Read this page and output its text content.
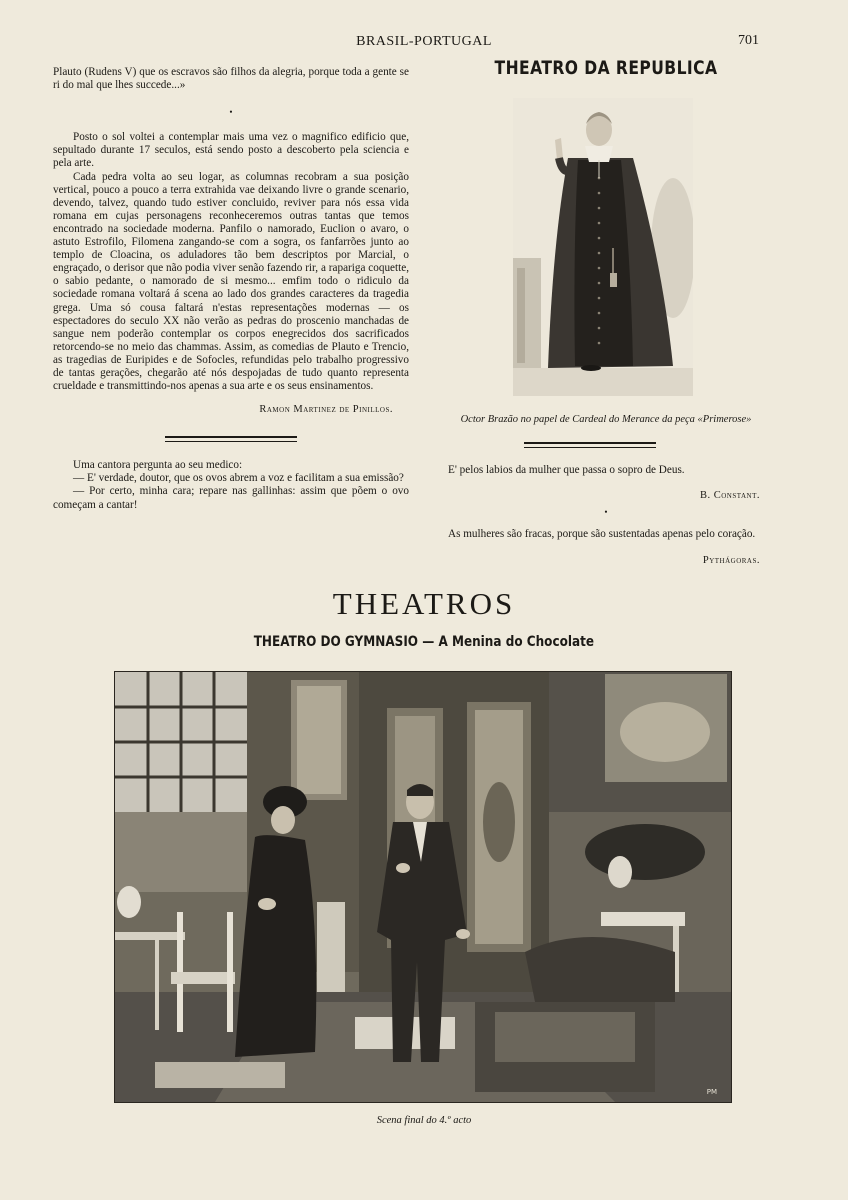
BRASIL-PORTUGAL	701

Plauto (Rudens V) que os escravos são filhos da alegria, porque toda a gente se ri do mal que lhes succede...»

•

Posto o sol voltei a contemplar mais uma vez o magnifico edificio que, sepultado durante 17 seculos, está sendo posto a descoberto pela sciencia e pela arte.

Cada pedra volta ao seu logar, as columnas recobram a sua posição vertical, pouco a pouco a terra extrahida vae deixando livre o grande scenario, devendo, talvez, quando tudo estiver concluido, reviver para nós essa vida romana em cujas personagens reconheceremos outras tantas que temos encontrado na sociedade moderna. Panfilo o namorado, Euclion o avaro, o astuto Estrofilo, Filomena zangando-se com a sogra, os fanfarrões junto ao templo de Cloacina, os aduladores tão bem descriptos por Marcial, o engraçado, o derisor que não podia viver senão fazendo rir, a rapariga coquette, o sabio pedante, o namorado de si mesmo... emfim todo o ridiculo da sociedade romana voltará á scena ao lado dos grandes caracteres da tragedia grega. Uma só cousa faltará n'estas representações modernas — os espectadores do seculo XX não verão as pedras do proscenio manchadas de sangue nem poderão contemplar os corpos enegrecidos dos sacrificados retorcendo-se no meio das chammas. Assim, as comedias de Plauto e Trencio, as tragedias de Euripides e de Sofocles, refundidas pelo trabalho progressivo de tantas gerações, chegarão até nós despojadas de tudo quanto representa crueldade e transmittindo-nos apenas a sua arte e os seus ensinamentos.

Ramon Martinez de Pinillos.

Uma cantora pergunta ao seu medico:

— E' verdade, doutor, que os ovos abrem a voz e facilitam a sua emissão?

— Por certo, minha cara; repare nas gallinhas: assim que põem o ovo começam a cantar!

THEATRO DA REPUBLICA
Octor Brazão no papel de Cardeal do Merance da peça «Primerose»
E' pelos labios da mulher que passa o sopro de Deus.
B. Constant.
•
As mulheres são fracas, porque são sustentadas apenas pelo coração.
Pythágoras.
THEATROS
THEATRO DO GYMNASIO — A Menina do Chocolate
PM
Scena final do 4.º acto
